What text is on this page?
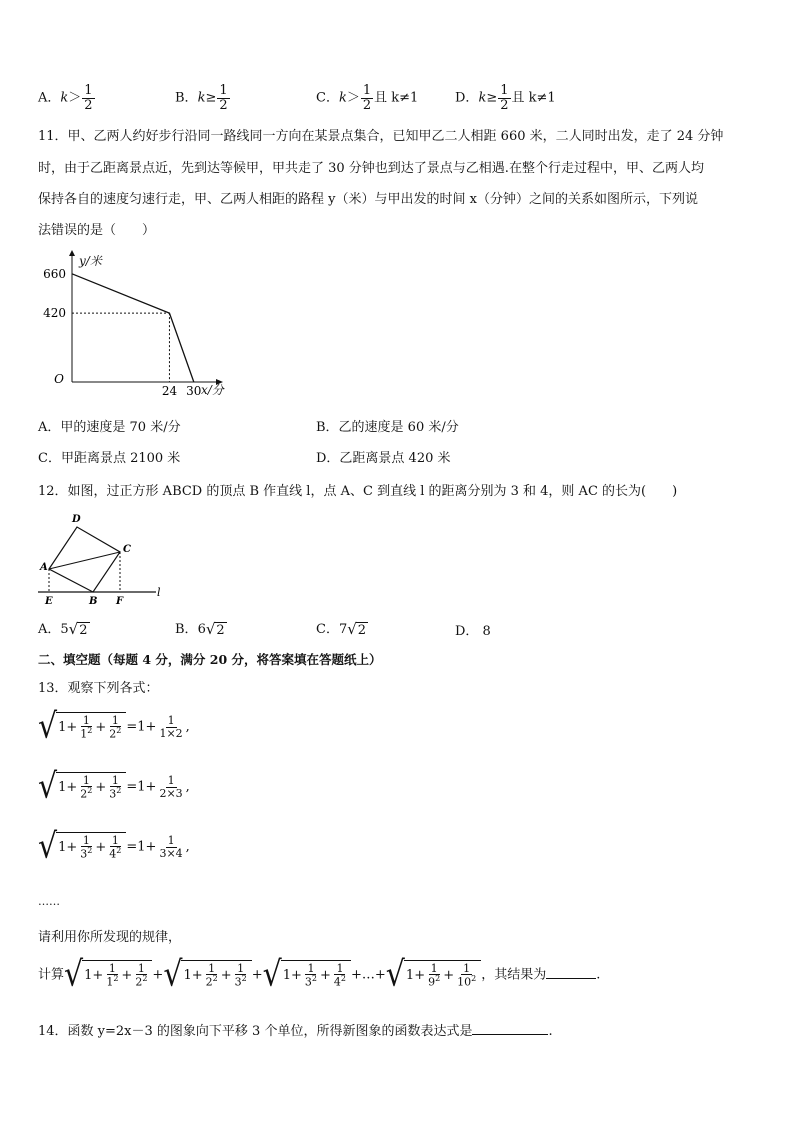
A．$k> \frac{1}{2}$	B．$k\ge \frac{1}{2}$	C．$k> \frac{1}{2}$ 且 k≠1	D．$k\ge \frac{1}{2}$ 且 k≠1
11．甲、乙两人约好步行沿同一路线同一方向在某景点集合，已知甲乙二人相距 660 米，二人同时出发，走了 24 分钟
时，由于乙距离景点近，先到达等候甲，甲共走了 30 分钟也到达了景点与乙相遇.在整个行走过程中，甲、乙两人均
保持各自的速度匀速行走，甲、乙两人相距的路程 y（米）与甲出发的时间 x（分钟）之间的关系如图所示，下列说
法错误的是（　　）
660
420
24 30
O
y/米
x/分
A．甲的速度是 70 米/分	B．乙的速度是 60 米/分
C．甲距离景点 2100 米	D．乙距离景点 420 米
12．如图，过正方形 ABCD 的顶点 B 作直线 l，点 A、C 到直线 l 的距离分别为 3 和 4，则 AC 的长为(　　)
D
C
A
E	B F
l
A．5 √ 2	B．6 √ 2	C．7 √ 2	D． 8
二、填空题（每题 4 分，满分 20 分，将答案填在答题纸上）
13．观察下列各式：
√ $1+ \frac{1}{1^2} + \frac{1}{2^2} =1+ \frac{1}{1\times 2}$ ,
√ $1+ \frac{1}{2^2} + \frac{1}{3^2} =1+ \frac{1}{2\times 3}$ ,
√ $1+ \frac{1}{3^2} + \frac{1}{4^2} =1+ \frac{1}{3\times 4}$ ,
……
请利用你所发现的规律，
计算 √ $1+ \frac{1}{1^2} + \frac{1}{2^2}$ + √ $1+ \frac{1}{2^2} + \frac{1}{3^2}$ + √ $1+ \frac{1}{3^2} + \frac{1}{4^2}$ +…+ √ $1+ \frac{1}{9^2} + \frac{1}{10^2}$ ，其结果为	.
14．函数 y=2x－3 的图象向下平移 3 个单位，所得新图象的函数表达式是	.
